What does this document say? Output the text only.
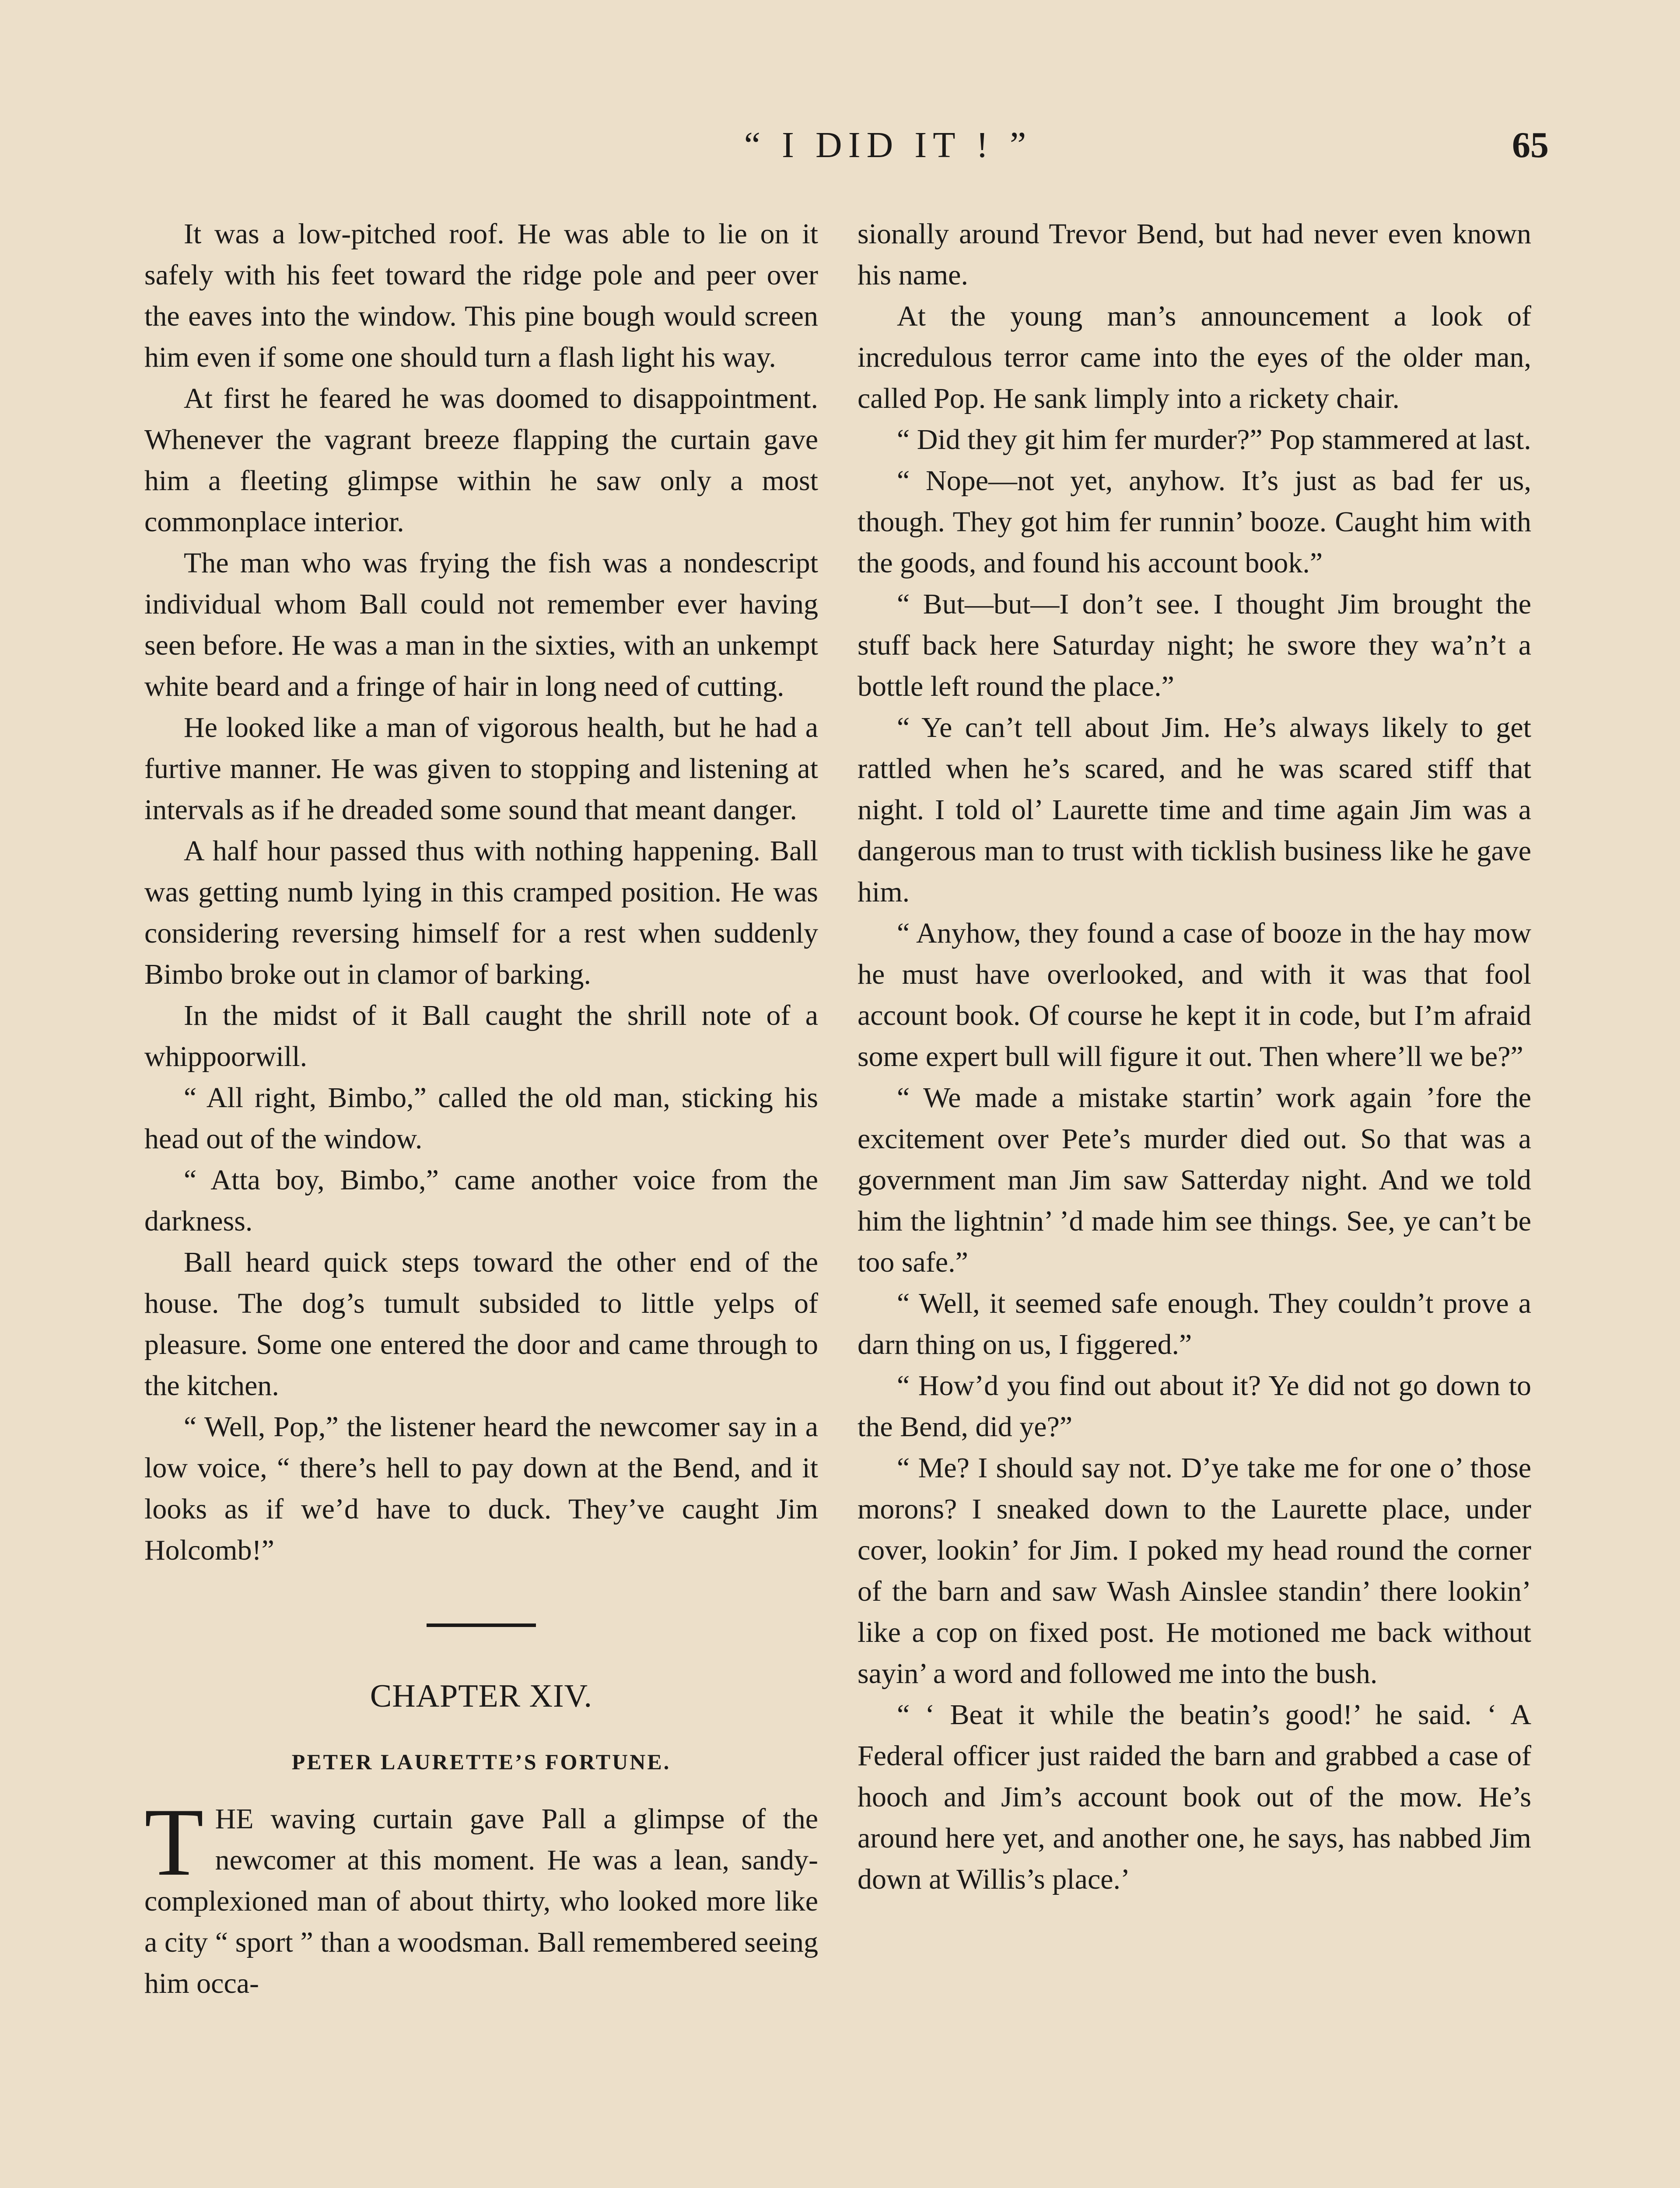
“ I DID IT ! ”	65

It was a low-pitched roof. He was able to lie on it safely with his feet toward the ridge pole and peer over the eaves into the window. This pine bough would screen him even if some one should turn a flash light his way.

At first he feared he was doomed to disappointment. Whenever the vagrant breeze flapping the curtain gave him a fleeting glimpse within he saw only a most commonplace interior.

The man who was frying the fish was a nondescript individual whom Ball could not remember ever having seen before. He was a man in the sixties, with an unkempt white beard and a fringe of hair in long need of cutting.

He looked like a man of vigorous health, but he had a furtive manner. He was given to stopping and listening at intervals as if he dreaded some sound that meant danger.

A half hour passed thus with nothing happening. Ball was getting numb lying in this cramped position. He was considering reversing himself for a rest when suddenly Bimbo broke out in clamor of barking.

In the midst of it Ball caught the shrill note of a whippoorwill.

“ All right, Bimbo,” called the old man, sticking his head out of the window.

“ Atta boy, Bimbo,” came another voice from the darkness.

Ball heard quick steps toward the other end of the house. The dog’s tumult subsided to little yelps of pleasure. Some one entered the door and came through to the kitchen.

“ Well, Pop,” the listener heard the newcomer say in a low voice, “ there’s hell to pay down at the Bend, and it looks as if we’d have to duck. They’ve caught Jim Holcomb!”

CHAPTER XIV.
PETER LAURETTE’S FORTUNE.

THE waving curtain gave Pall a glimpse of the newcomer at this moment. He was a lean, sandy-complexioned man of about thirty, who looked more like a city “ sport ” than a woodsman. Ball remembered seeing him occa-

sionally around Trevor Bend, but had never even known his name.

At the young man’s announcement a look of incredulous terror came into the eyes of the older man, called Pop. He sank limply into a rickety chair.

“ Did they git him fer murder?” Pop stammered at last.

“ Nope—not yet, anyhow. It’s just as bad fer us, though. They got him fer runnin’ booze. Caught him with the goods, and found his account book.”

“ But—but—I don’t see. I thought Jim brought the stuff back here Saturday night; he swore they wa’n’t a bottle left round the place.”

“ Ye can’t tell about Jim. He’s always likely to get rattled when he’s scared, and he was scared stiff that night. I told ol’ Laurette time and time again Jim was a dangerous man to trust with ticklish business like he gave him.

“ Anyhow, they found a case of booze in the hay mow he must have overlooked, and with it was that fool account book. Of course he kept it in code, but I’m afraid some expert bull will figure it out. Then where’ll we be?”

“ We made a mistake startin’ work again ’fore the excitement over Pete’s murder died out. So that was a government man Jim saw Satterday night. And we told him the lightnin’ ’d made him see things. See, ye can’t be too safe.”

“ Well, it seemed safe enough. They couldn’t prove a darn thing on us, I figgered.”

“ How’d you find out about it? Ye did not go down to the Bend, did ye?”

“ Me? I should say not. D’ye take me for one o’ those morons? I sneaked down to the Laurette place, under cover, lookin’ for Jim. I poked my head round the corner of the barn and saw Wash Ainslee standin’ there lookin’ like a cop on fixed post. He motioned me back without sayin’ a word and followed me into the bush.

“ ‘ Beat it while the beatin’s good!’ he said. ‘ A Federal officer just raided the barn and grabbed a case of hooch and Jim’s account book out of the mow. He’s around here yet, and another one, he says, has nabbed Jim down at Willis’s place.’
